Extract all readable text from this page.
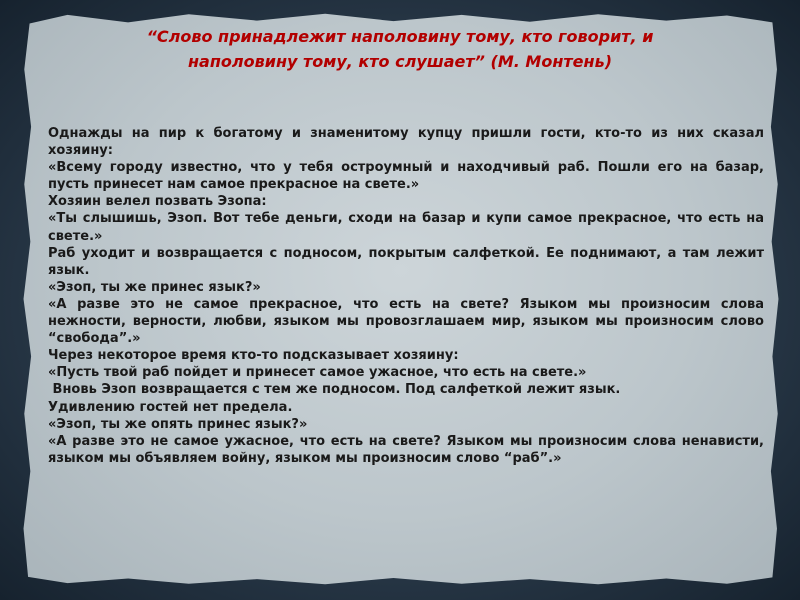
“Слово принадлежит наполовину тому, кто говорит, и
наполовину тому, кто слушает” (М. Монтень)

Однажды на пир к богатому и знаменитому купцу пришли гости, кто-то из них сказал хозяину:

«Всему городу известно, что у тебя остроумный и находчивый раб. Пошли его на базар, пусть принесет нам самое прекрасное на свете.»

Хозяин велел позвать Эзопа:

«Ты слышишь, Эзоп. Вот тебе деньги, сходи на базар и купи самое прекрасное, что есть на свете.»

Раб уходит и возвращается с подносом, покрытым салфеткой. Ее поднимают, а там лежит язык.

«Эзоп, ты же принес язык?»

«А разве это не самое прекрасное, что есть на свете? Языком мы произносим слова нежности, верности, любви, языком мы провозглашаем мир, языком мы произносим слово “свобода”.»

Через некоторое время кто-то подсказывает хозяину:

«Пусть твой раб пойдет и принесет самое ужасное, что есть на свете.»

Вновь Эзоп возвращается с тем же подносом. Под салфеткой лежит язык.

Удивлению гостей нет предела.

«Эзоп, ты же опять принес язык?»

«А разве это не самое ужасное, что есть на свете? Языком мы произносим слова ненависти, языком мы объявляем войну, языком мы произносим слово “раб”.»
